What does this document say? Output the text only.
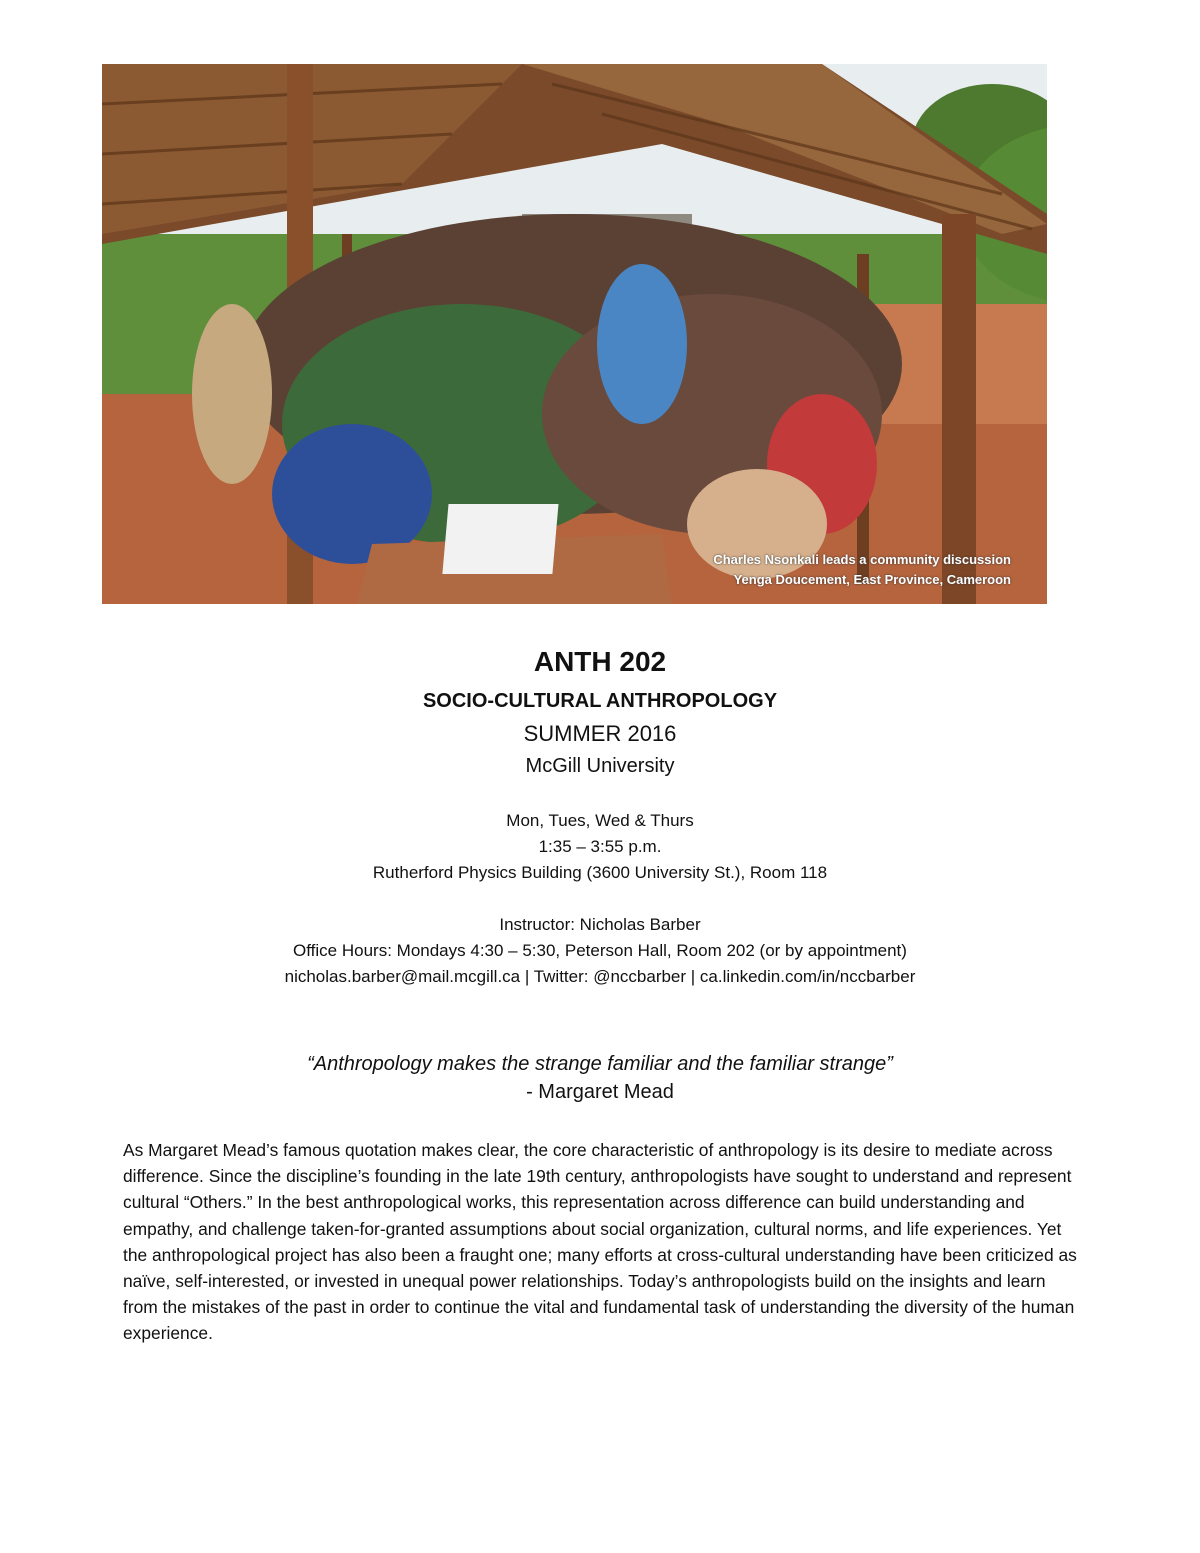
Charles Nsonkali leads a community discussion
Yenga Doucement, East Province, Cameroon

ANTH 202

SOCIO-CULTURAL ANTHROPOLOGY

SUMMER 2016

McGill University

Mon, Tues, Wed & Thurs

1:35 – 3:55 p.m.

Rutherford Physics Building (3600 University St.), Room 118

Instructor: Nicholas Barber

Office Hours: Mondays 4:30 – 5:30, Peterson Hall, Room 202 (or by appointment)

nicholas.barber@mail.mcgill.ca | Twitter: @nccbarber | ca.linkedin.com/in/nccbarber

“Anthropology makes the strange familiar and the familiar strange”

- Margaret Mead

As Margaret Mead’s famous quotation makes clear, the core characteristic of anthropology is its desire to mediate across difference. Since the discipline’s founding in the late 19th century, anthropologists have sought to understand and represent cultural “Others.” In the best anthropological works, this representation across difference can build understanding and empathy, and challenge taken-for-granted assumptions about social organization, cultural norms, and life experiences. Yet the anthropological project has also been a fraught one; many efforts at cross-cultural understanding have been criticized as naïve, self-interested, or invested in unequal power relationships. Today’s anthropologists build on the insights and learn from the mistakes of the past in order to continue the vital and fundamental task of understanding the diversity of the human experience.
